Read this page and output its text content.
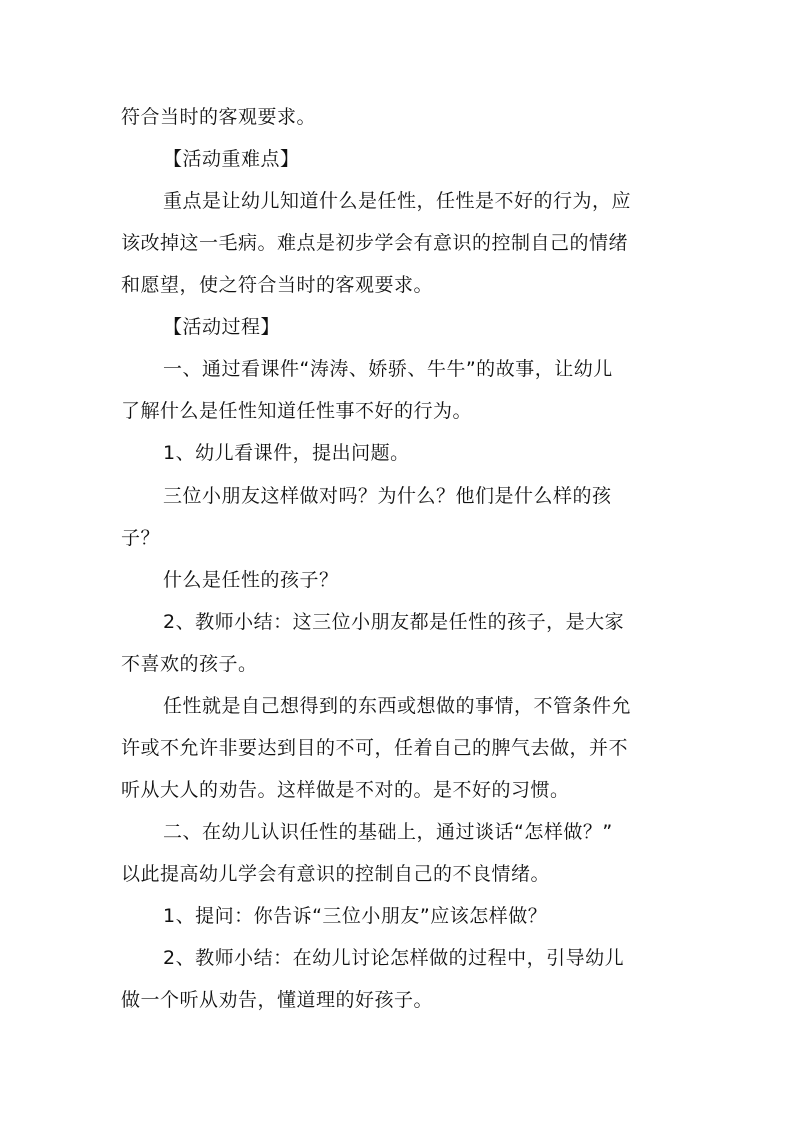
符合当时的客观要求。
【活动重难点】
重点是让幼儿知道什么是任性，任性是不好的行为，应
该改掉这一毛病。难点是初步学会有意识的控制自己的情绪
和愿望，使之符合当时的客观要求。
【活动过程】
一、通过看课件“涛涛、娇骄、牛牛”的故事，让幼儿
了解什么是任性知道任性事不好的行为。
1、幼儿看课件，提出问题。
三位小朋友这样做对吗？为什么？他们是什么样的孩
子？
什么是任性的孩子？
2、教师小结：这三位小朋友都是任性的孩子，是大家
不喜欢的孩子。
任性就是自己想得到的东西或想做的事情，不管条件允
许或不允许非要达到目的不可，任着自己的脾气去做，并不
听从大人的劝告。这样做是不对的。是不好的习惯。
二、在幼儿认识任性的基础上，通过谈话“怎样做？”
以此提高幼儿学会有意识的控制自己的不良情绪。
1、提问：你告诉“三位小朋友”应该怎样做？
2、教师小结：在幼儿讨论怎样做的过程中，引导幼儿
做一个听从劝告，懂道理的好孩子。
